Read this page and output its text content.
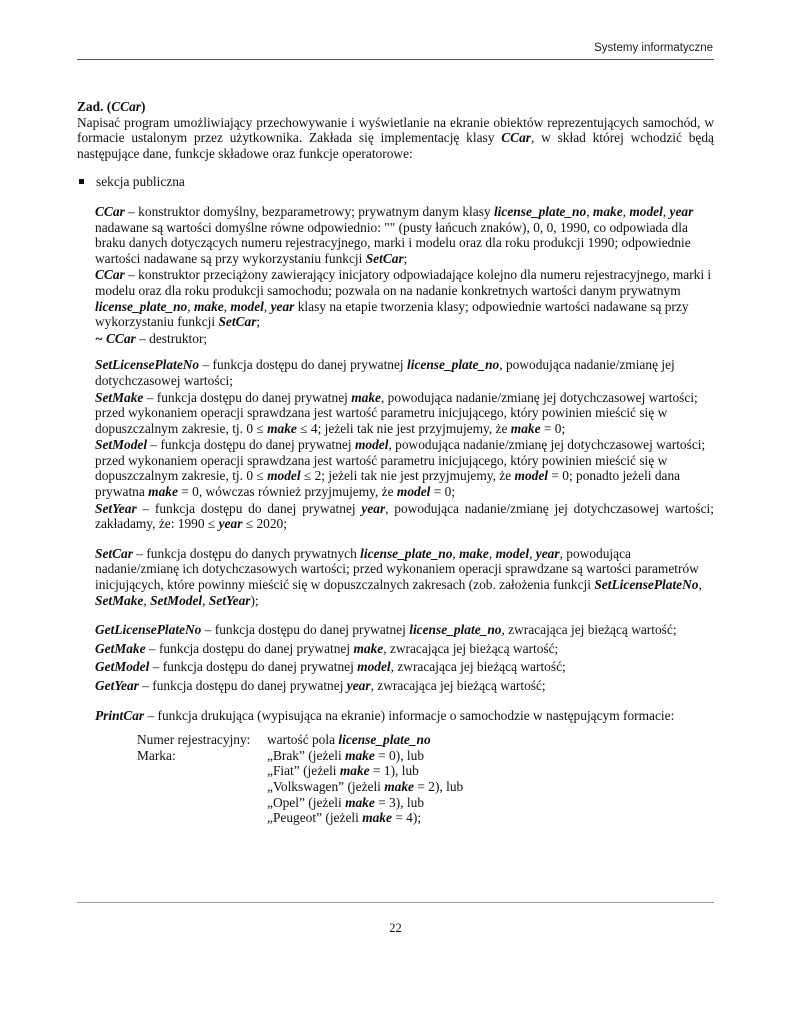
Systemy informatyczne

Zad. (CCar)

Napisać program umożliwiający przechowywanie i wyświetlanie na ekranie obiektów reprezentujących samochód, w formacie ustalonym przez użytkownika. Zakłada się implementację klasy CCar, w skład której wchodzić będą następujące dane, funkcje składowe oraz funkcje operatorowe:

sekcja publiczna

CCar – konstruktor domyślny, bezparametrowy; prywatnym danym klasy license_plate_no, make, model, year nadawane są wartości domyślne równe odpowiednio: "" (pusty łańcuch znaków), 0, 0, 1990, co odpowiada dla braku danych dotyczących numeru rejestracyjnego, marki i modelu oraz dla roku produkcji 1990; odpowiednie wartości nadawane są przy wykorzystaniu funkcji SetCar;

CCar – konstruktor przeciążony zawierający inicjatory odpowiadające kolejno dla numeru rejestracyjnego, marki i modelu oraz dla roku produkcji samochodu; pozwala on na nadanie konkretnych wartości danym prywatnym license_plate_no, make, model, year klasy na etapie tworzenia klasy; odpowiednie wartości nadawane są przy wykorzystaniu funkcji SetCar;

~ CCar – destruktor;

SetLicensePlateNo – funkcja dostępu do danej prywatnej license_plate_no, powodująca nadanie/zmianę jej dotychczasowej wartości;

SetMake – funkcja dostępu do danej prywatnej make, powodująca nadanie/zmianę jej dotychczasowej wartości; przed wykonaniem operacji sprawdzana jest wartość parametru inicjującego, który powinien mieścić się w dopuszczalnym zakresie, tj. 0 ≤ make ≤ 4; jeżeli tak nie jest przyjmujemy, że make = 0;

SetModel – funkcja dostępu do danej prywatnej model, powodująca nadanie/zmianę jej dotychczasowej wartości; przed wykonaniem operacji sprawdzana jest wartość parametru inicjującego, który powinien mieścić się w dopuszczalnym zakresie, tj. 0 ≤ model ≤ 2; jeżeli tak nie jest przyjmujemy, że model = 0; ponadto jeżeli dana prywatna make = 0, wówczas również przyjmujemy, że model = 0;

SetYear – funkcja dostępu do danej prywatnej year, powodująca nadanie/zmianę jej dotychczasowej wartości; zakładamy, że: 1990 ≤ year ≤ 2020;

SetCar – funkcja dostępu do danych prywatnych license_plate_no, make, model, year, powodująca nadanie/zmianę ich dotychczasowych wartości; przed wykonaniem operacji sprawdzane są wartości parametrów inicjujących, które powinny mieścić się w dopuszczalnych zakresach (zob. założenia funkcji SetLicensePlateNo, SetMake, SetModel, SetYear);

GetLicensePlateNo – funkcja dostępu do danej prywatnej license_plate_no, zwracająca jej bieżącą wartość;

GetMake – funkcja dostępu do danej prywatnej make, zwracająca jej bieżącą wartość;

GetModel – funkcja dostępu do danej prywatnej model, zwracająca jej bieżącą wartość;

GetYear – funkcja dostępu do danej prywatnej year, zwracająca jej bieżącą wartość;

PrintCar – funkcja drukująca (wypisująca na ekranie) informacje o samochodzie w następującym formacie:

Numer rejestracyjny:	wartość pola license_plate_no
Marka:	„Brak” (jeżeli make = 0), lub
„Fiat” (jeżeli make = 1), lub
„Volkswagen” (jeżeli make = 2), lub
„Opel” (jeżeli make = 3), lub
„Peugeot” (jeżeli make = 4);
22
